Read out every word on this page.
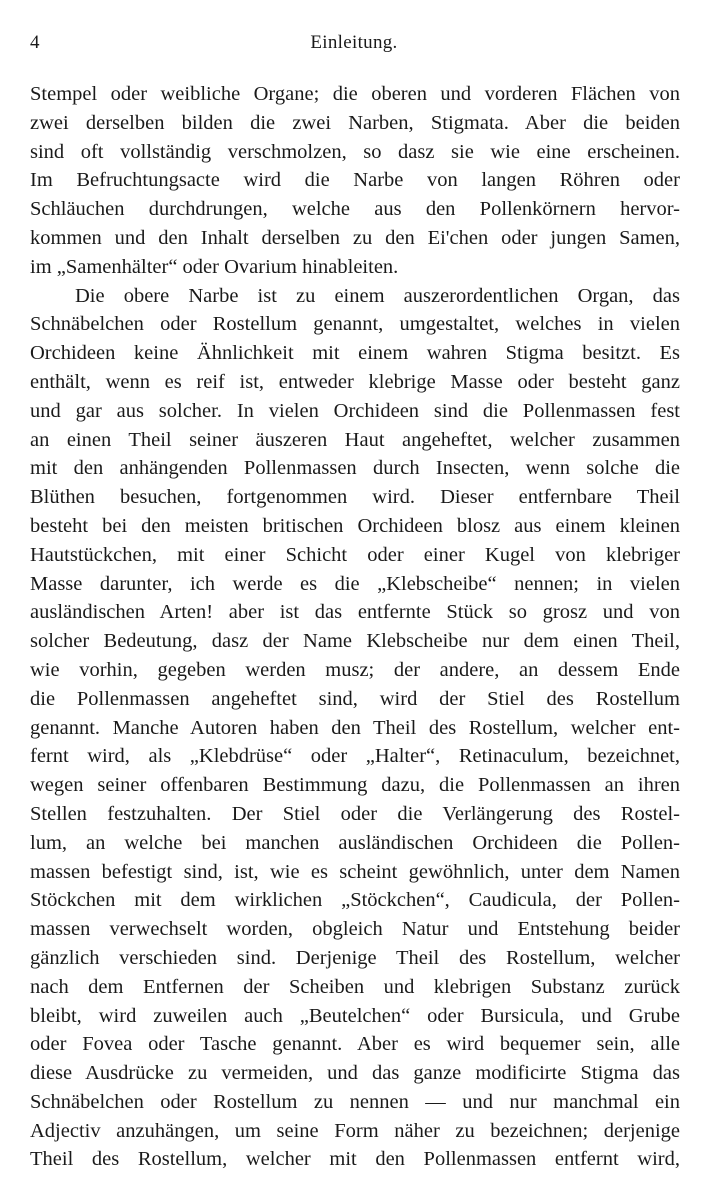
4	Einleitung.
Stempel oder weibliche Organe; die oberen und vorderen Flächen von
zwei derselben bilden die zwei Narben, Stigmata. Aber die beiden
sind oft vollständig verschmolzen, so dasz sie wie eine erscheinen.
Im Befruchtungsacte wird die Narbe von langen Röhren oder
Schläuchen durchdrungen, welche aus den Pollenkörnern hervor-
kommen und den Inhalt derselben zu den Ei'chen oder jungen Samen,
im „Samenhälter“ oder Ovarium hinableiten.
Die obere Narbe ist zu einem auszerordentlichen Organ, das
Schnäbelchen oder Rostellum genannt, umgestaltet, welches in vielen
Orchideen keine Ähnlichkeit mit einem wahren Stigma besitzt. Es
enthält, wenn es reif ist, entweder klebrige Masse oder besteht ganz
und gar aus solcher. In vielen Orchideen sind die Pollenmassen fest
an einen Theil seiner äuszeren Haut angeheftet, welcher zusammen
mit den anhängenden Pollenmassen durch Insecten, wenn solche die
Blüthen besuchen, fortgenommen wird. Dieser entfernbare Theil
besteht bei den meisten britischen Orchideen blosz aus einem kleinen
Hautstückchen, mit einer Schicht oder einer Kugel von klebriger
Masse darunter, ich werde es die „Klebscheibe“ nennen; in vielen
ausländischen Arten! aber ist das entfernte Stück so grosz und von
solcher Bedeutung, dasz der Name Klebscheibe nur dem einen Theil,
wie vorhin, gegeben werden musz; der andere, an dessem Ende
die Pollenmassen angeheftet sind, wird der Stiel des Rostellum
genannt. Manche Autoren haben den Theil des Rostellum, welcher ent-
fernt wird, als „Klebdrüse“ oder „Halter“, Retinaculum, bezeichnet,
wegen seiner offenbaren Bestimmung dazu, die Pollenmassen an ihren
Stellen festzuhalten. Der Stiel oder die Verlängerung des Rostel-
lum, an welche bei manchen ausländischen Orchideen die Pollen-
massen befestigt sind, ist, wie es scheint gewöhnlich, unter dem Namen
Stöckchen mit dem wirklichen „Stöckchen“, Caudicula, der Pollen-
massen verwechselt worden, obgleich Natur und Entstehung beider
gänzlich verschieden sind. Derjenige Theil des Rostellum, welcher
nach dem Entfernen der Scheiben und klebrigen Substanz zurück
bleibt, wird zuweilen auch „Beutelchen“ oder Bursicula, und Grube
oder Fovea oder Tasche genannt. Aber es wird bequemer sein, alle
diese Ausdrücke zu vermeiden, und das ganze modificirte Stigma das
Schnäbelchen oder Rostellum zu nennen — und nur manchmal ein
Adjectiv anzuhängen, um seine Form näher zu bezeichnen; derjenige
Theil des Rostellum, welcher mit den Pollenmassen entfernt wird,
